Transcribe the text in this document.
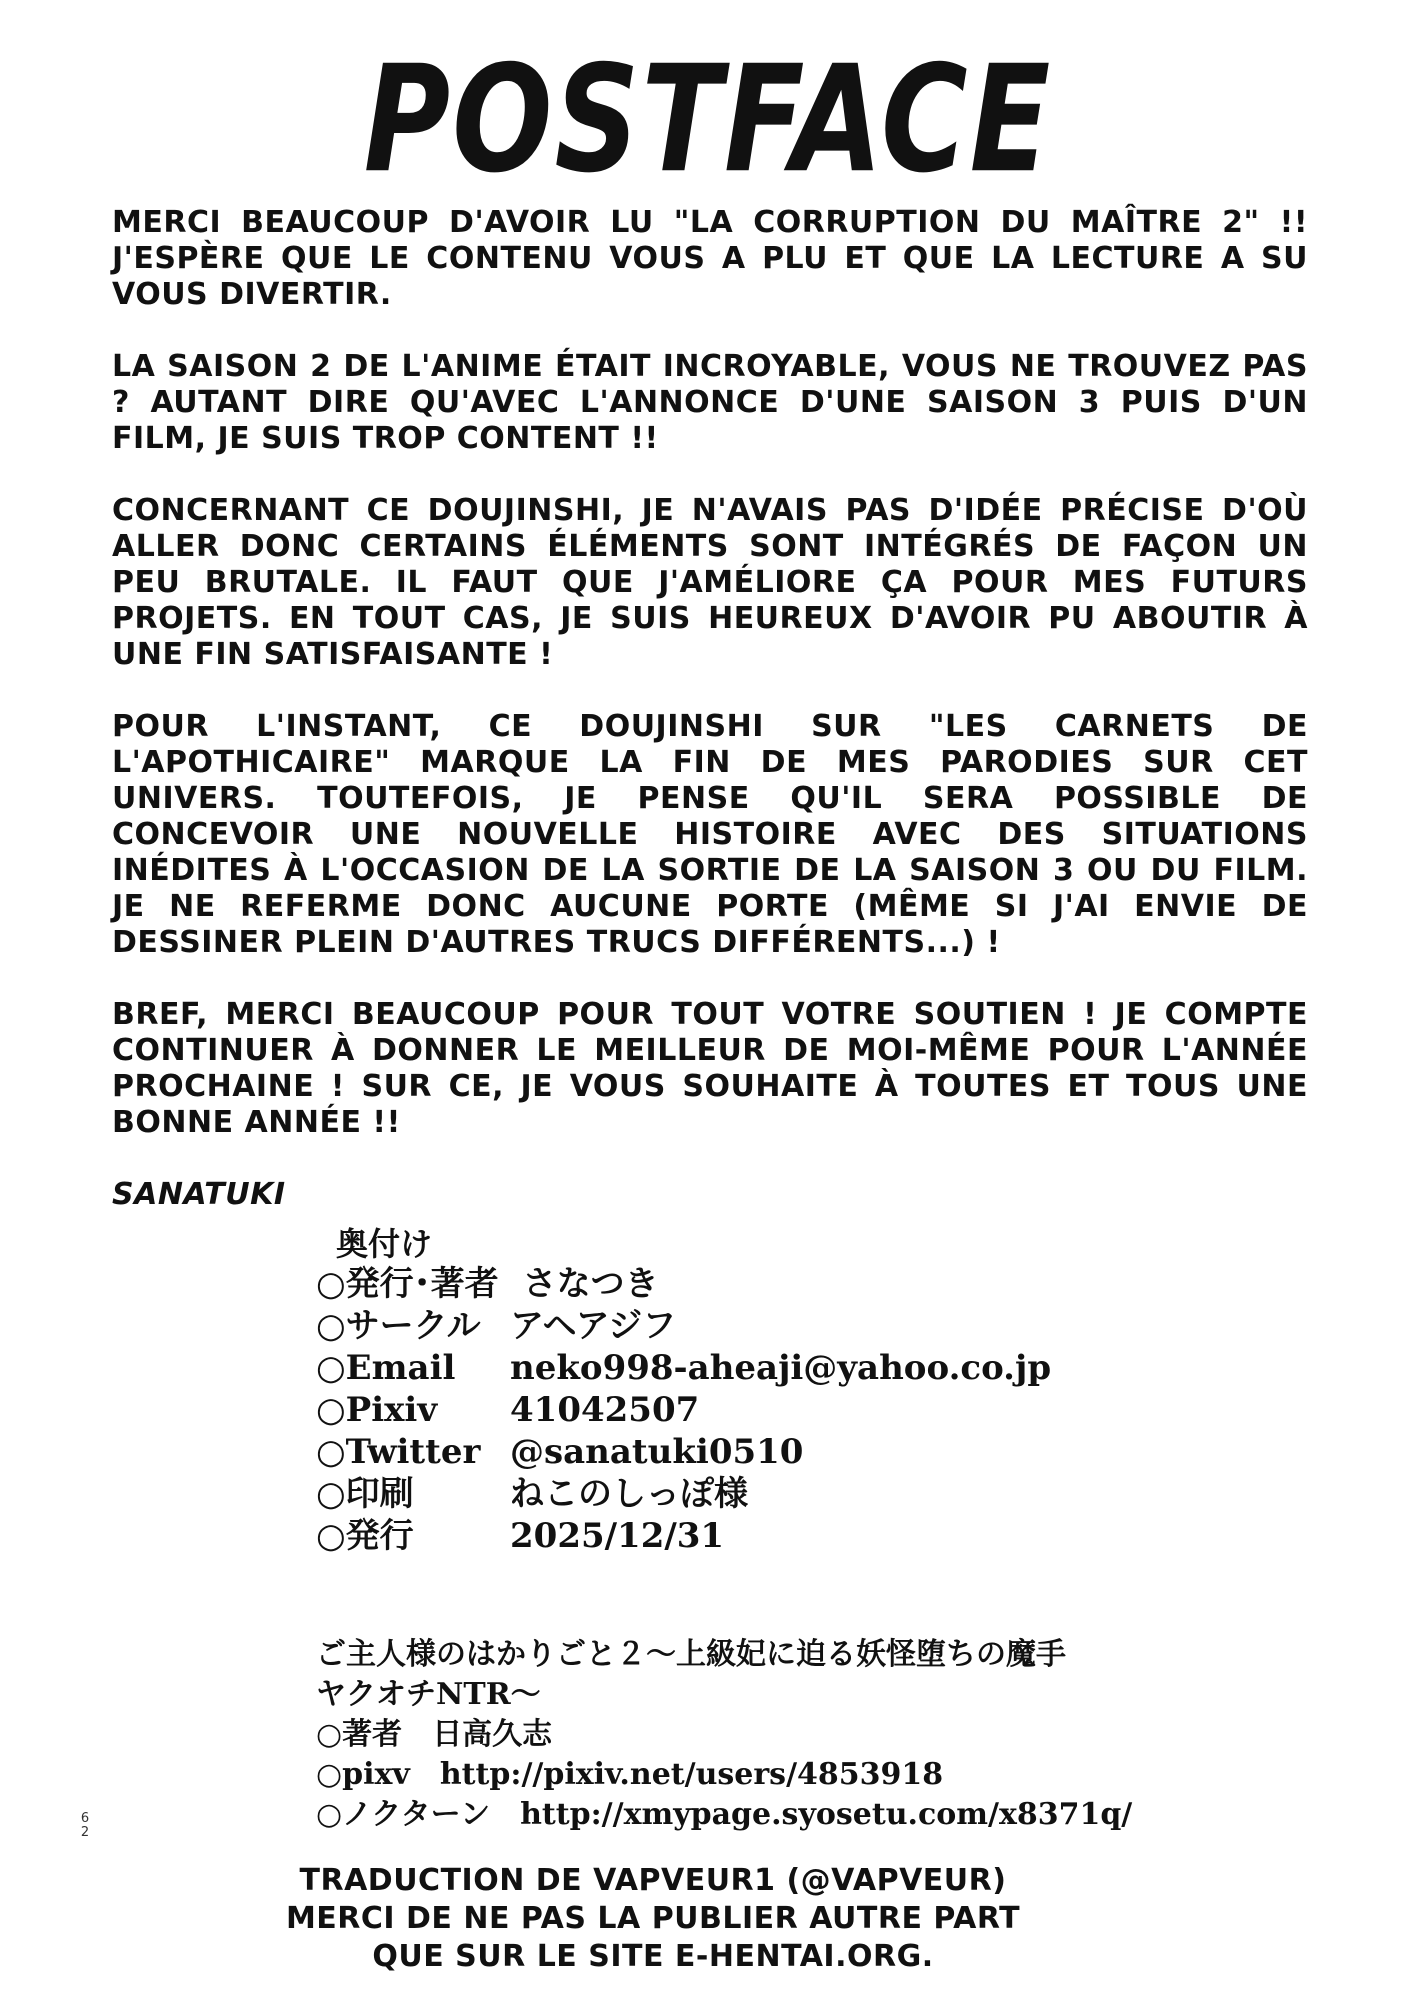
POSTFACE

MERCI BEAUCOUP D'AVOIR LU "LA CORRUPTION DU MAÎTRE 2" !! J'ESPÈRE QUE LE CONTENU VOUS A PLU ET QUE LA LECTURE A SU VOUS DIVERTIR.

LA SAISON 2 DE L'ANIME ÉTAIT INCROYABLE, VOUS NE TROUVEZ PAS ? AUTANT DIRE QU'AVEC L'ANNONCE D'UNE SAISON 3 PUIS D'UN FILM, JE SUIS TROP CONTENT !!

CONCERNANT CE DOUJINSHI, JE N'AVAIS PAS D'IDÉE PRÉCISE D'OÙ ALLER DONC CERTAINS ÉLÉMENTS SONT INTÉGRÉS DE FAÇON UN PEU BRUTALE. IL FAUT QUE J'AMÉLIORE ÇA POUR MES FUTURS PROJETS. EN TOUT CAS, JE SUIS HEUREUX D'AVOIR PU ABOUTIR À UNE FIN SATISFAISANTE !

POUR L'INSTANT, CE DOUJINSHI SUR "LES CARNETS DE L'APOTHICAIRE" MARQUE LA FIN DE MES PARODIES SUR CET UNIVERS. TOUTEFOIS, JE PENSE QU'IL SERA POSSIBLE DE CONCEVOIR UNE NOUVELLE HISTOIRE AVEC DES SITUATIONS INÉDITES À L'OCCASION DE LA SORTIE DE LA SAISON 3 OU DU FILM. JE NE REFERME DONC AUCUNE PORTE (MÊME SI J'AI ENVIE DE DESSINER PLEIN D'AUTRES TRUCS DIFFÉRENTS...) !

BREF, MERCI BEAUCOUP POUR TOUT VOTRE SOUTIEN ! JE COMPTE CONTINUER À DONNER LE MEILLEUR DE MOI-MÊME POUR L'ANNÉE PROCHAINE ! SUR CE, JE VOUS SOUHAITE À TOUTES ET TOUS UNE BONNE ANNÉE !!

SANATUKI

奥付け
○発行･著者 さなつき
○サークル アヘアジフ
○Email neko998-aheaji@yahoo.co.jp
○Pixiv 41042507
○Twitter @sanatuki0510
○印刷	ねこのしっぽ様
○発行	2025/12/31
ご主人様のはかりごと２～上級妃に迫る妖怪堕ちの魔手
ヤクオチNTR～
○著者 日高久志
○pixv http://pixiv.net/users/4853918
○ノクターン http://xmypage.syosetu.com/x8371q/
6
2
TRADUCTION DE VAPVEUR1 (@VAPVEUR)
MERCI DE NE PAS LA PUBLIER AUTRE PART
QUE SUR LE SITE E-HENTAI.ORG.
